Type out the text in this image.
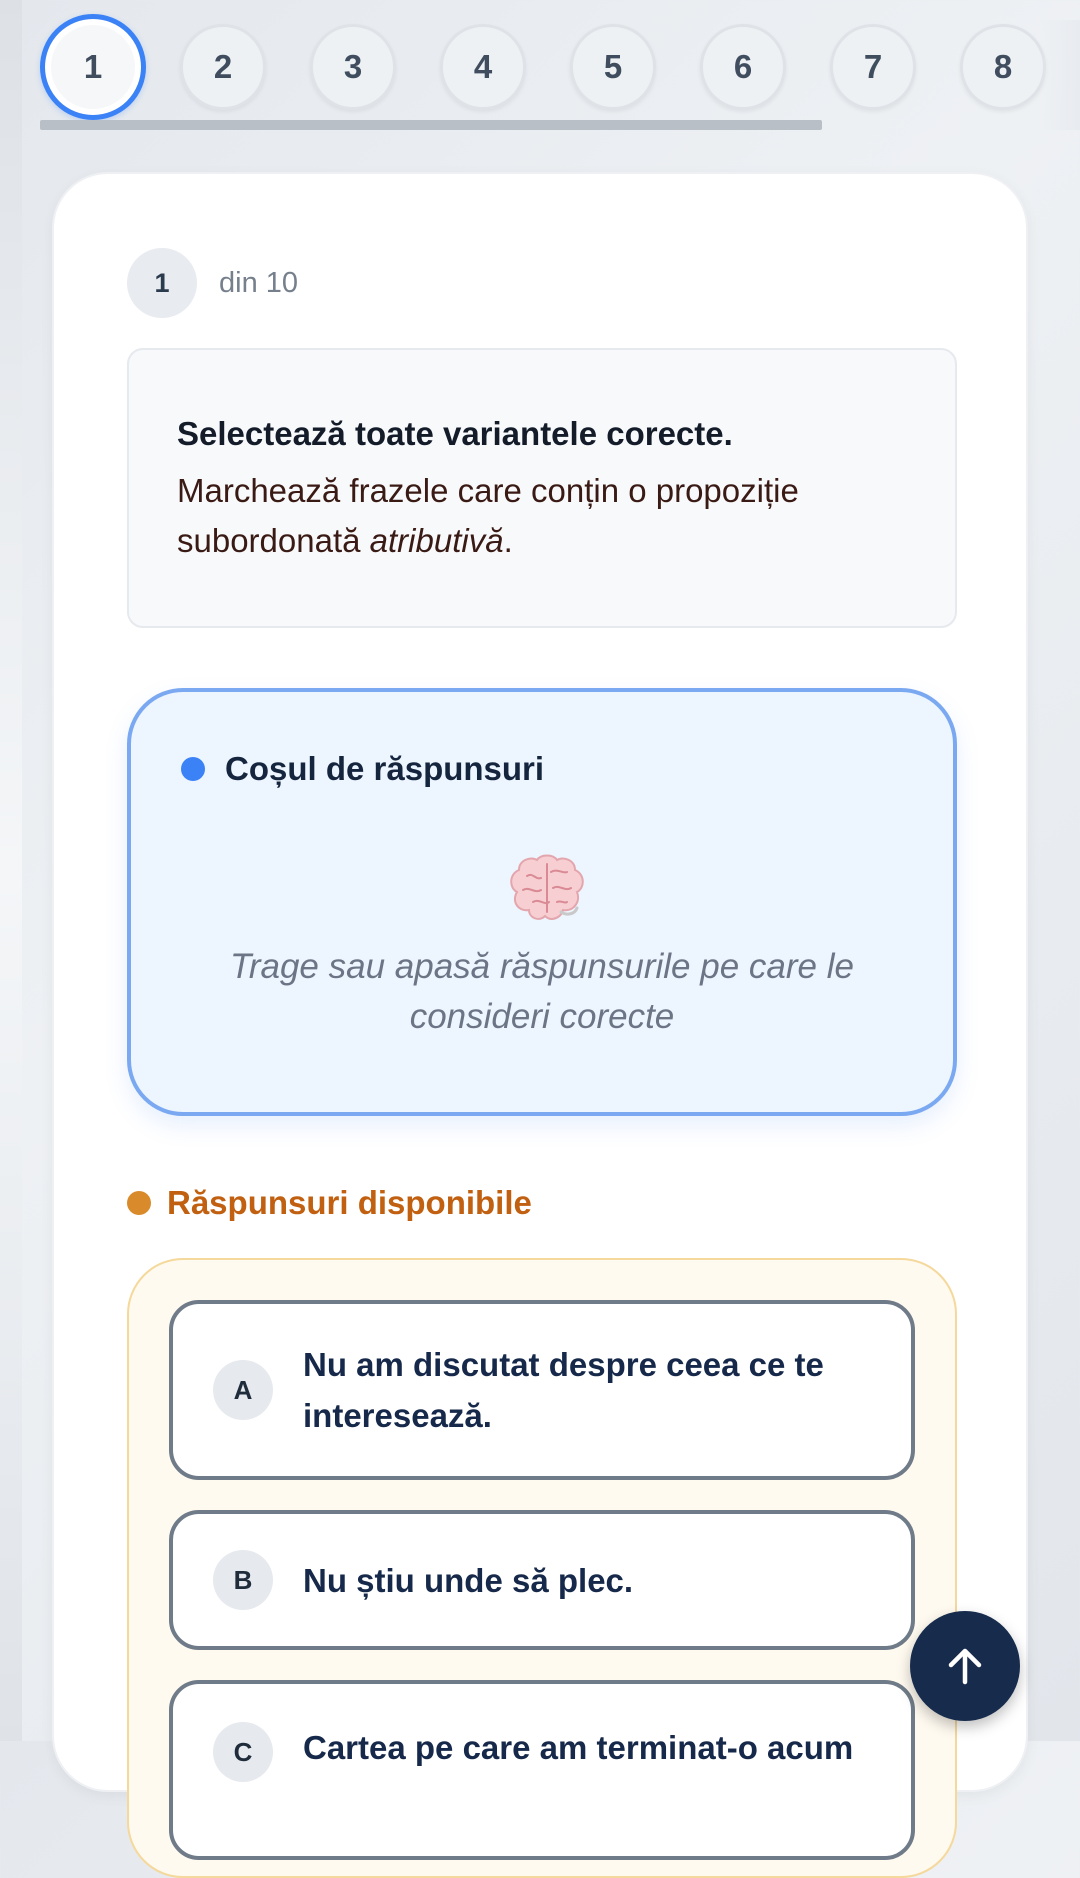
1	2	3	4	5	6	7	8
1	din 10
Selectează toate variantele corecte.
Marchează frazele care conțin o propoziție subordonată atributivă.
Coșul de răspunsuri
Trage sau apasă răspunsurile pe care le consideri corecte
Răspunsuri disponibile
A
Nu am discutat despre ceea ce te interesează.
B	Nu știu unde să plec.
C	Cartea pe care am terminat-o acum
